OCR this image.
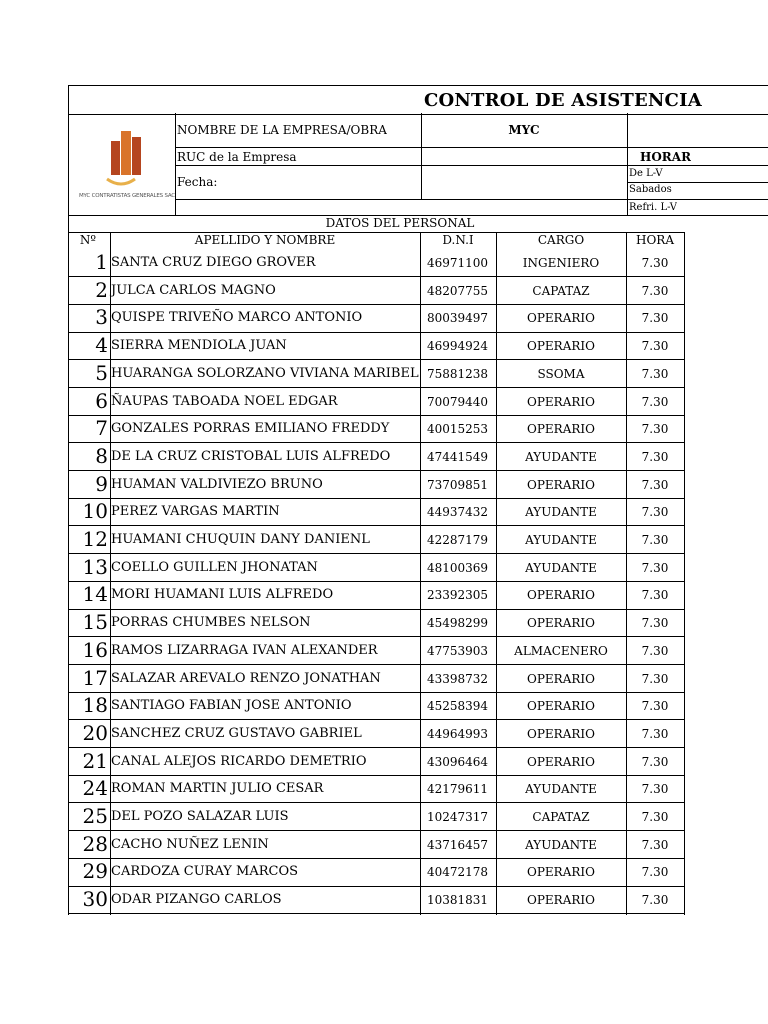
CONTROL DE ASISTENCIA
MYC CONTRATISTAS GENERALES SAC
NOMBRE DE LA EMPRESA/OBRA	MYC
RUC de la Empresa	HORAR
Fecha:
De L-V
Sabados
Refri. L-V
DATOS DEL PERSONAL
Nº	APELLIDO Y NOMBRE	D.N.I	CARGO	HORA
1 SANTA CRUZ DIEGO GROVER	46971100	INGENIERO	7.30
2 JULCA CARLOS MAGNO	48207755	CAPATAZ	7.30
3 QUISPE TRIVEÑO MARCO ANTONIO	80039497	OPERARIO	7.30
4 SIERRA MENDIOLA JUAN	46994924	OPERARIO	7.30
5 HUARANGA SOLORZANO VIVIANA MARIBEL 75881238	SSOMA	7.30
6 ÑAUPAS TABOADA NOEL EDGAR	70079440	OPERARIO	7.30
7 GONZALES PORRAS EMILIANO FREDDY	40015253	OPERARIO	7.30
8 DE LA CRUZ CRISTOBAL LUIS ALFREDO	47441549	AYUDANTE	7.30
9 HUAMAN VALDIVIEZO BRUNO	73709851	OPERARIO	7.30
10 PEREZ VARGAS MARTIN	44937432	AYUDANTE	7.30
12 HUAMANI CHUQUIN DANY DANIENL	42287179	AYUDANTE	7.30
13 COELLO GUILLEN JHONATAN	48100369	AYUDANTE	7.30
14 MORI HUAMANI LUIS ALFREDO	23392305	OPERARIO	7.30
15 PORRAS CHUMBES NELSON	45498299	OPERARIO	7.30
16 RAMOS LIZARRAGA IVAN ALEXANDER	47753903	ALMACENERO	7.30
17 SALAZAR AREVALO RENZO JONATHAN	43398732	OPERARIO	7.30
18 SANTIAGO FABIAN JOSE ANTONIO	45258394	OPERARIO	7.30
20 SANCHEZ CRUZ GUSTAVO GABRIEL	44964993	OPERARIO	7.30
21 CANAL ALEJOS RICARDO DEMETRIO	43096464	OPERARIO	7.30
24 ROMAN MARTIN JULIO CESAR	42179611	AYUDANTE	7.30
25 DEL POZO SALAZAR LUIS	10247317	CAPATAZ	7.30
28 CACHO NUÑEZ LENIN	43716457	AYUDANTE	7.30
29 CARDOZA CURAY MARCOS	40472178	OPERARIO	7.30
30 ODAR PIZANGO CARLOS	10381831	OPERARIO	7.30
